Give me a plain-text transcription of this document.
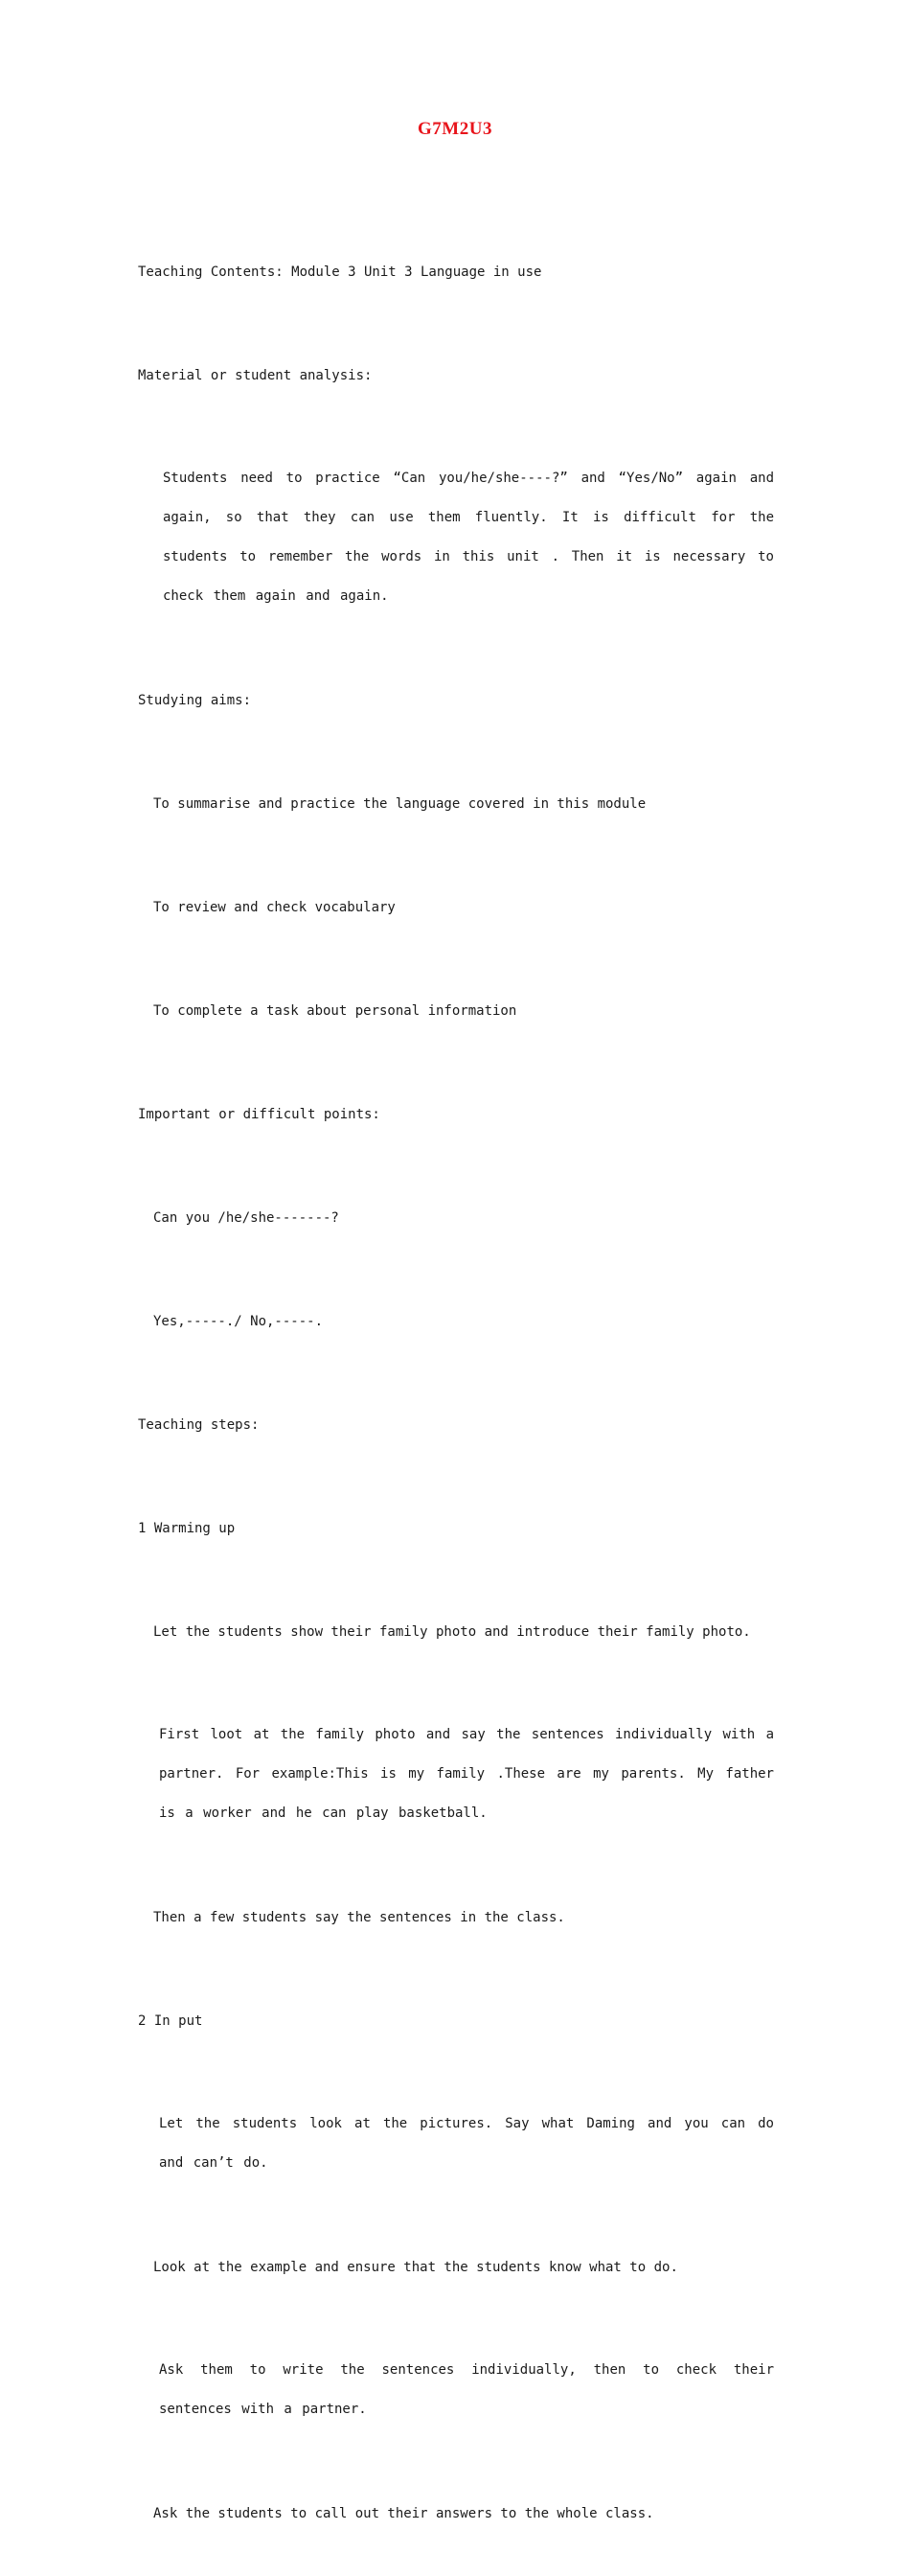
G7M2U3

Teaching Contents: Module 3 Unit 3 Language in use

Material or student analysis:

Students need to practice “Can you/he/she----?” and “Yes/No” again and again, so that they can use them fluently. It is difficult for the students to remember the words in this unit . Then it is necessary to check them again and again.

Studying aims:

To summarise and practice the language covered in this module

To review and check vocabulary

To complete a task about personal information

Important or difficult points:

Can you /he/she-------?

Yes,-----./ No,-----.

Teaching steps:

1 Warming up

Let the students show their family photo and introduce their family photo.

First loot at the family photo and say the sentences individually with a partner. For example:This is my family .These are my parents. My father is a worker and he can play basketball.

Then a few students say the sentences in the class.

2 In put

Let the students look at the pictures. Say what Daming and you can do and can’t do.

Look at the example and ensure that the students know what to do.

Ask them to write the sentences individually, then to check their sentences with a partner.

Ask the students to call out their answers to the whole class.
